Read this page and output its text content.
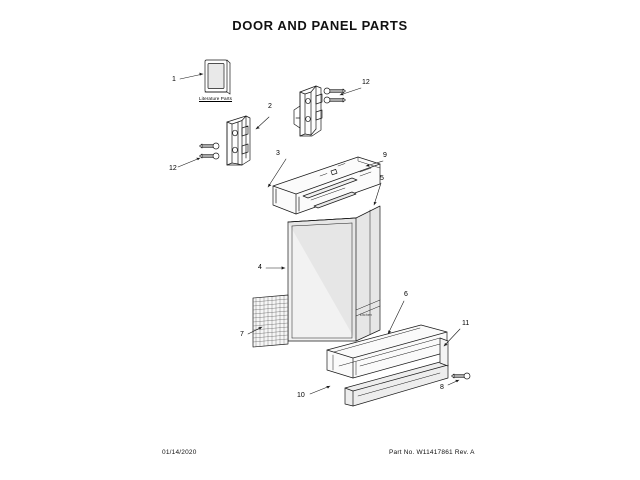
DOOR AND PANEL PARTS
Literature Parts
kitchen
1
2
3
4
5
6
7
8
9
10
11
12
12
01/14/2020	Part No. W11417861 Rev. A
